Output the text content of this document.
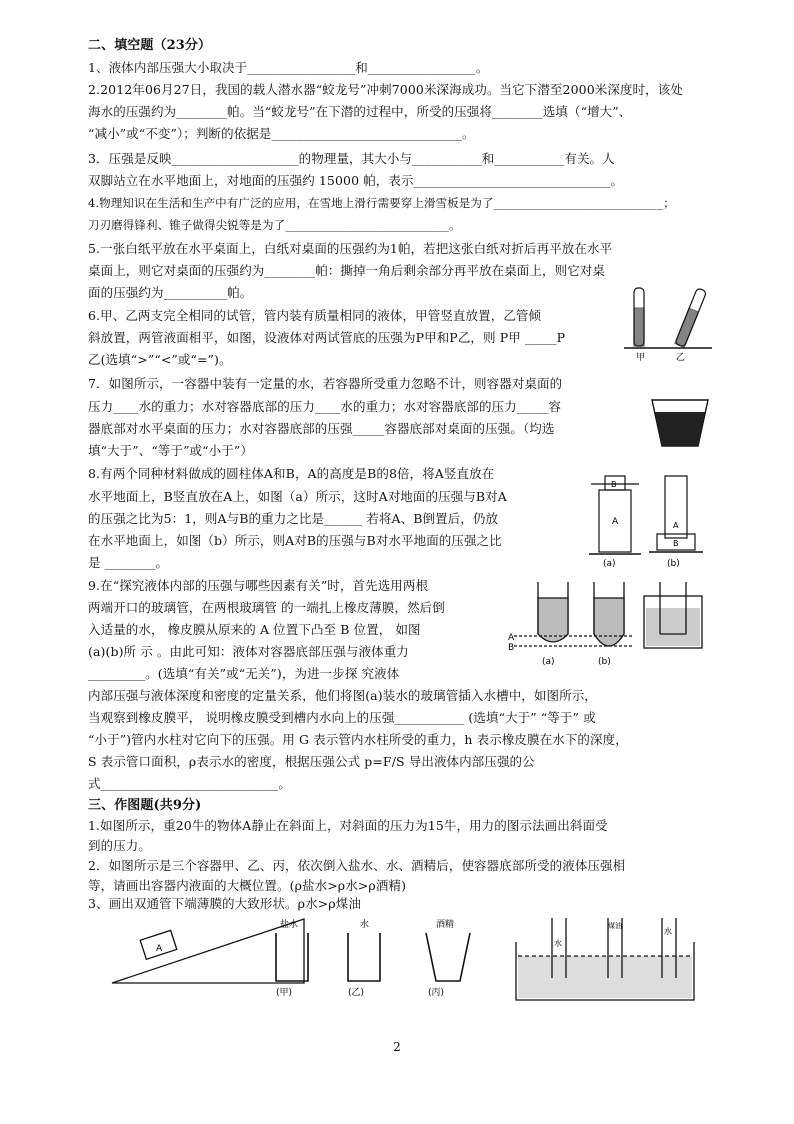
二、填空题（23分）
1、液体内部压强大小取决于_________________和_________________。
2.2012年06月27日，我国的载人潜水器“蛟龙号”冲刺7000米深海成功。当它下潜至2000米深度时，该处
海水的压强约为________帕。当“蛟龙号”在下潜的过程中，所受的压强将________选填（“增大”、
“减小”或“不变”）；判断的依据是______________________________。
3．压强是反映____________________的物理量，其大小与___________和___________有关。人
双脚站立在水平地面上，对地面的压强约 15000 帕，表示_______________________________。
4.物理知识在生活和生产中有广泛的应用，在雪地上滑行需要穿上滑雪板是为了_____________________________；
刀刃磨得锋利、锥子做得尖锐等是为了____________________________。
5.一张白纸平放在水平桌面上，白纸对桌面的压强约为1帕，若把这张白纸对折后再平放在水平
桌面上，则它对桌面的压强约为________帕：撕掉一角后剩余部分再平放在桌面上，则它对桌
面的压强约为__________帕。
6.甲、乙两支完全相同的试管，管内装有质量相同的液体，甲管竖直放置，乙管倾
斜放置，两管液面相平，如图，设液体对两试管底的压强为P甲和P乙，则 P甲 _____P
乙(选填“>”“<”或“=”)。
7．如图所示，一容器中装有一定量的水，若容器所受重力忽略不计，则容器对桌面的
压力____水的重力；水对容器底部的压力____水的重力；水对容器底部的压力_____容
器底部对水平桌面的压力；水对容器底部的压强_____容器底部对桌面的压强。（均选
填“大于”、“等于”或“小于”）
8.有两个同种材料做成的圆柱体A和B，A的高度是B的8倍，将A竖直放在
水平地面上，B竖直放在A上，如图（a）所示，这时A对地面的压强与B对A
的压强之比为5：1，则A与B的重力之比是______ 若将A、B倒置后，仍放
在水平地面上，如图（b）所示，则A对B的压强与B对水平地面的压强之比
是 ________。
9.在“探究液体内部的压强与哪些因素有关”时，首先选用两根
两端开口的玻璃管，在两根玻璃管 的一端扎上橡皮薄膜，然后倒
入适量的水， 橡皮膜从原来的 A 位置下凸至 B 位置， 如图
(a)(b)所 示 。由此可知：液体对容器底部压强与液体重力
_________。(选填“有关”或“无关”)，为进一步探 究液体
内部压强与液体深度和密度的定量关系，他们将图(a)装水的玻璃管插入水槽中，如图所示，
当观察到橡皮膜平， 说明橡皮膜受到槽内水向上的压强___________ (选填“大于” “等于” 或
“小于”)管内水柱对它向下的压强。用 G 表示管内水柱所受的重力，h 表示橡皮膜在水下的深度，
S 表示管口面积，ρ表示水的密度，根据压强公式 p=F/S 导出液体内部压强的公
式____________________________。
三、作图题(共9分)
1.如图所示，重20牛的物体A静止在斜面上，对斜面的压力为15牛，用力的图示法画出斜面受
到的压力。
2．如图所示是三个容器甲、乙、丙，依次倒入盐水、水、酒精后，使容器底部所受的液体压强相
等，请画出容器内液面的大概位置。(ρ盐水>ρ水>ρ酒精)
3、画出双通管下端薄膜的大致形状。ρ水>ρ煤油
甲	乙
B
A	A
B
(a)	(b)
A
B
(a)	(b)
A
盐水	水	酒精
(甲)	(乙)	(丙)
水
煤油
水
2
